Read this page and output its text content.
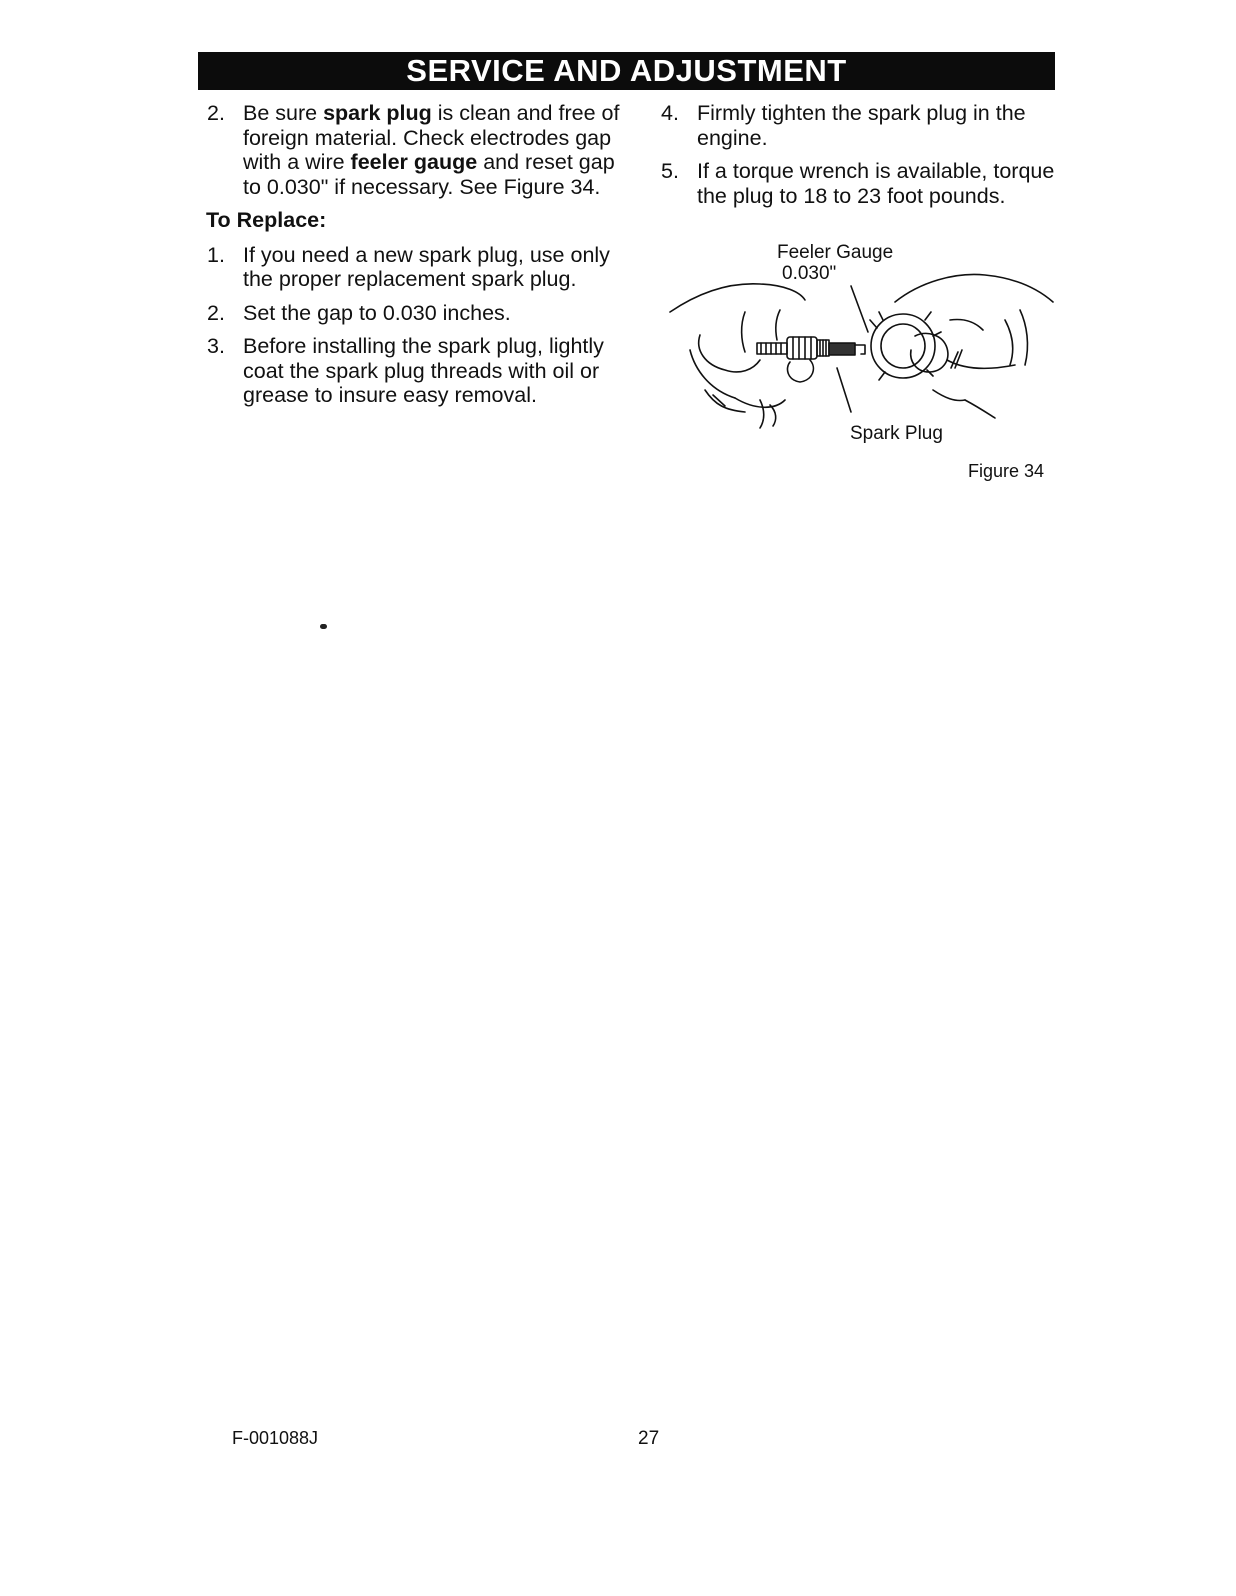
SERVICE AND ADJUSTMENT
2. Be sure spark plug is clean and free of foreign material. Check electrodes gap with a wire feeler gauge and reset gap to 0.030" if necessary. See Figure 34.
To Replace:
1. If you need a new spark plug, use only the proper replacement spark plug.
2. Set the gap to 0.030 inches.
3. Before installing the spark plug, lightly coat the spark plug threads with oil or grease to insure easy removal.
4. Firmly tighten the spark plug in the engine.
5. If a torque wrench is available, torque the plug to 18 to 23 foot pounds.
Feeler Gauge
0.030"
Spark Plug
Figure 34
F-001088J	27
